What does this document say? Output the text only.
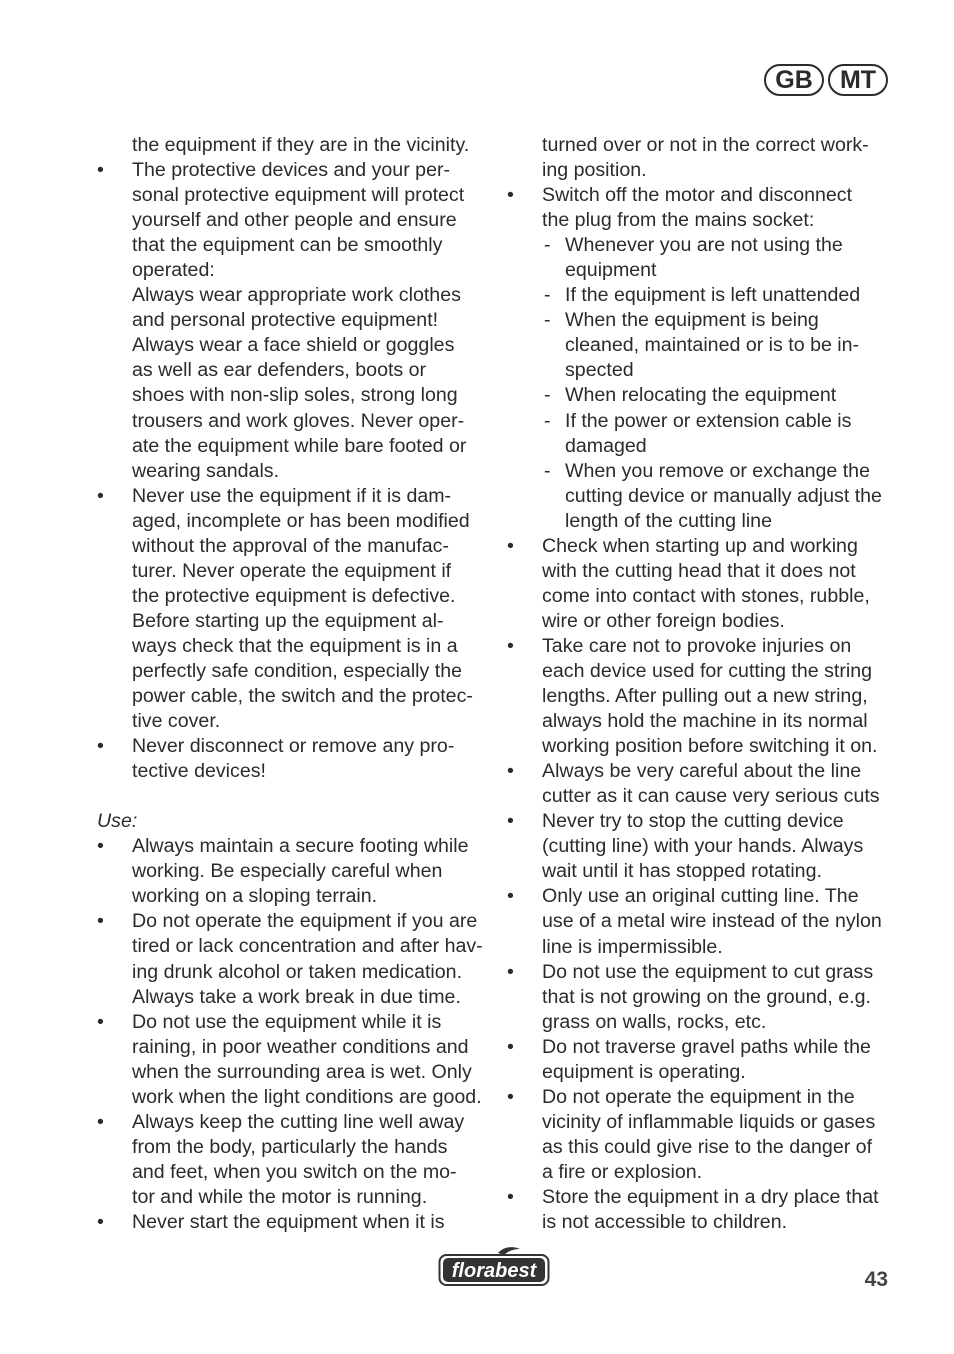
GB	MT
the equipment if they are in the vicinity.
•	The protective devices and your per-
sonal protective equipment will protect
yourself and other people and ensure
that the equipment can be smoothly
operated:
Always wear appropriate work clothes
and personal protective equipment!
Always wear a face shield or goggles
as well as ear defenders, boots or
shoes with non-slip soles, strong long
trousers and work gloves. Never oper-
ate the equipment while bare footed or
wearing sandals.
•	Never use the equipment if it is dam-
aged, incomplete or has been modified
without the approval of the manufac-
turer. Never operate the equipment if
the protective equipment is defective.
Before starting up the equipment al-
ways check that the equipment is in a
perfectly safe condition, especially the
power cable, the switch and the protec-
tive cover.
•	Never disconnect or remove any pro-
tective devices!
Use:
•	Always maintain a secure footing while
working. Be especially careful when
working on a sloping terrain.
•	Do not operate the equipment if you are
tired or lack concentration and after hav-
ing drunk alcohol or taken medication.
Always take a work break in due time.
•	Do not use the equipment while it is
raining, in poor weather conditions and
when the surrounding area is wet. Only
work when the light conditions are good.
•	Always keep the cutting line well away
from the body, particularly the hands
and feet, when you switch on the mo-
tor and while the motor is running.
•	Never start the equipment when it is
turned over or not in the correct work-
ing position.
•	Switch off the motor and disconnect
the plug from the mains socket:
- Whenever you are not using the
equipment
- If the equipment is left unattended
- When the equipment is being
cleaned, maintained or is to be in-
spected
- When relocating the equipment
- If the power or extension cable is
damaged
- When you remove or exchange the
cutting device or manually adjust the
length of the cutting line
•	Check when starting up and working
with the cutting head that it does not
come into contact with stones, rubble,
wire or other foreign bodies.
•	Take care not to provoke injuries on
each device used for cutting the string
lengths. After pulling out a new string,
always hold the machine in its normal
working position before switching it on.
•	Always be very careful about the line
cutter as it can cause very serious cuts
•	Never try to stop the cutting device
(cutting line) with your hands. Always
wait until it has stopped rotating.
•	Only use an original cutting line. The
use of a metal wire instead of the nylon
line is impermissible.
•	Do not use the equipment to cut grass
that is not growing on the ground, e.g.
grass on walls, rocks, etc.
•	Do not traverse gravel paths while the
equipment is operating.
•	Do not operate the equipment in the
vicinity of inflammable liquids or gases
as this could give rise to the danger of
a fire or explosion.
•	Store the equipment in a dry place that
is not accessible to children.
florabest	43
